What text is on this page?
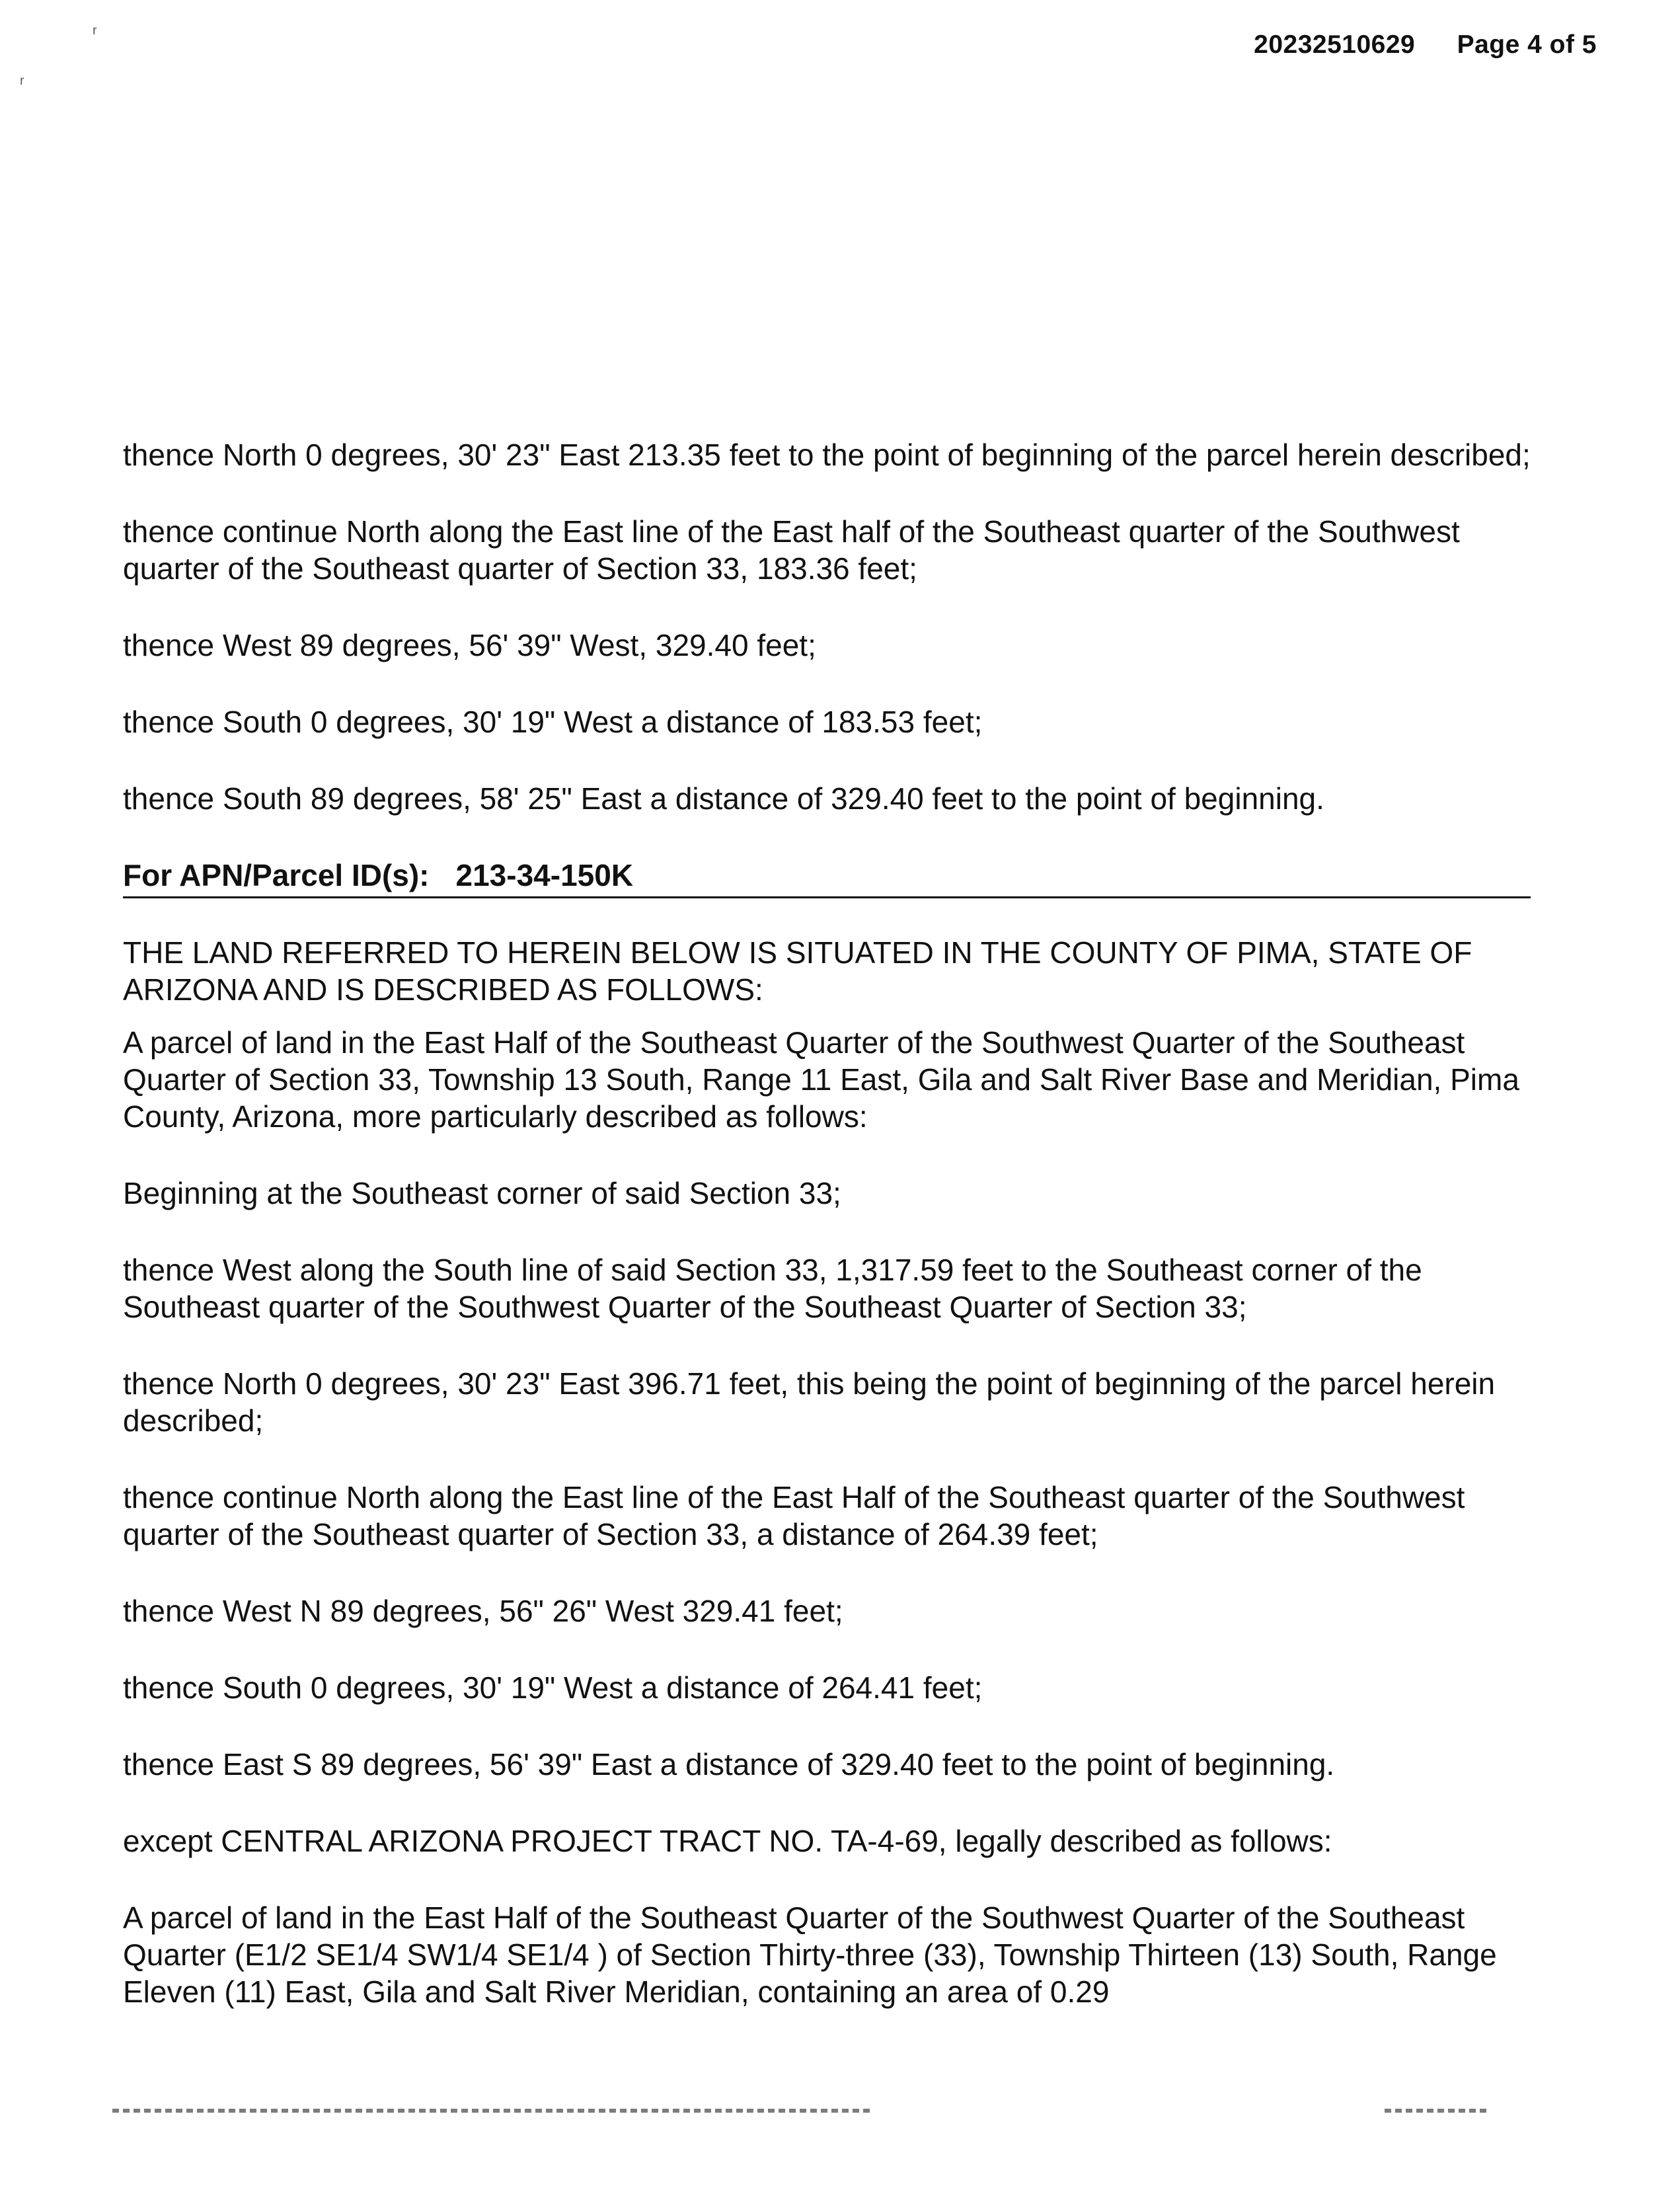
20232510629 Page 4 of 5
ʳ
ʳ

thence North 0 degrees, 30' 23" East 213.35 feet to the point of beginning of the parcel herein described;

thence continue North along the East line of the East half of the Southeast quarter of the Southwest quarter of the Southeast quarter of Section 33, 183.36 feet;

thence West 89 degrees, 56' 39" West, 329.40 feet;

thence South 0 degrees, 30' 19" West a distance of 183.53 feet;

thence South 89 degrees, 58' 25" East a distance of 329.40 feet to the point of beginning.

For APN/Parcel ID(s): 213-34-150K

THE LAND REFERRED TO HEREIN BELOW IS SITUATED IN THE COUNTY OF PIMA, STATE OF ARIZONA AND IS DESCRIBED AS FOLLOWS:

A parcel of land in the East Half of the Southeast Quarter of the Southwest Quarter of the Southeast Quarter of Section 33, Township 13 South, Range 11 East, Gila and Salt River Base and Meridian, Pima County, Arizona, more particularly described as follows:

Beginning at the Southeast corner of said Section 33;

thence West along the South line of said Section 33, 1,317.59 feet to the Southeast corner of the Southeast quarter of the Southwest Quarter of the Southeast Quarter of Section 33;

thence North 0 degrees, 30' 23" East 396.71 feet, this being the point of beginning of the parcel herein described;

thence continue North along the East line of the East Half of the Southeast quarter of the Southwest quarter of the Southeast quarter of Section 33, a distance of 264.39 feet;

thence West N 89 degrees, 56" 26" West 329.41 feet;

thence South 0 degrees, 30' 19" West a distance of 264.41 feet;

thence East S 89 degrees, 56' 39" East a distance of 329.40 feet to the point of beginning.

except CENTRAL ARIZONA PROJECT TRACT NO. TA-4-69, legally described as follows:

A parcel of land in the East Half of the Southeast Quarter of the Southwest Quarter of the Southeast Quarter (E1/2 SE1/4 SW1/4 SE1/4 ) of Section Thirty-three (33), Township Thirteen (13) South, Range Eleven (11) East, Gila and Salt River Meridian, containing an area of 0.29
